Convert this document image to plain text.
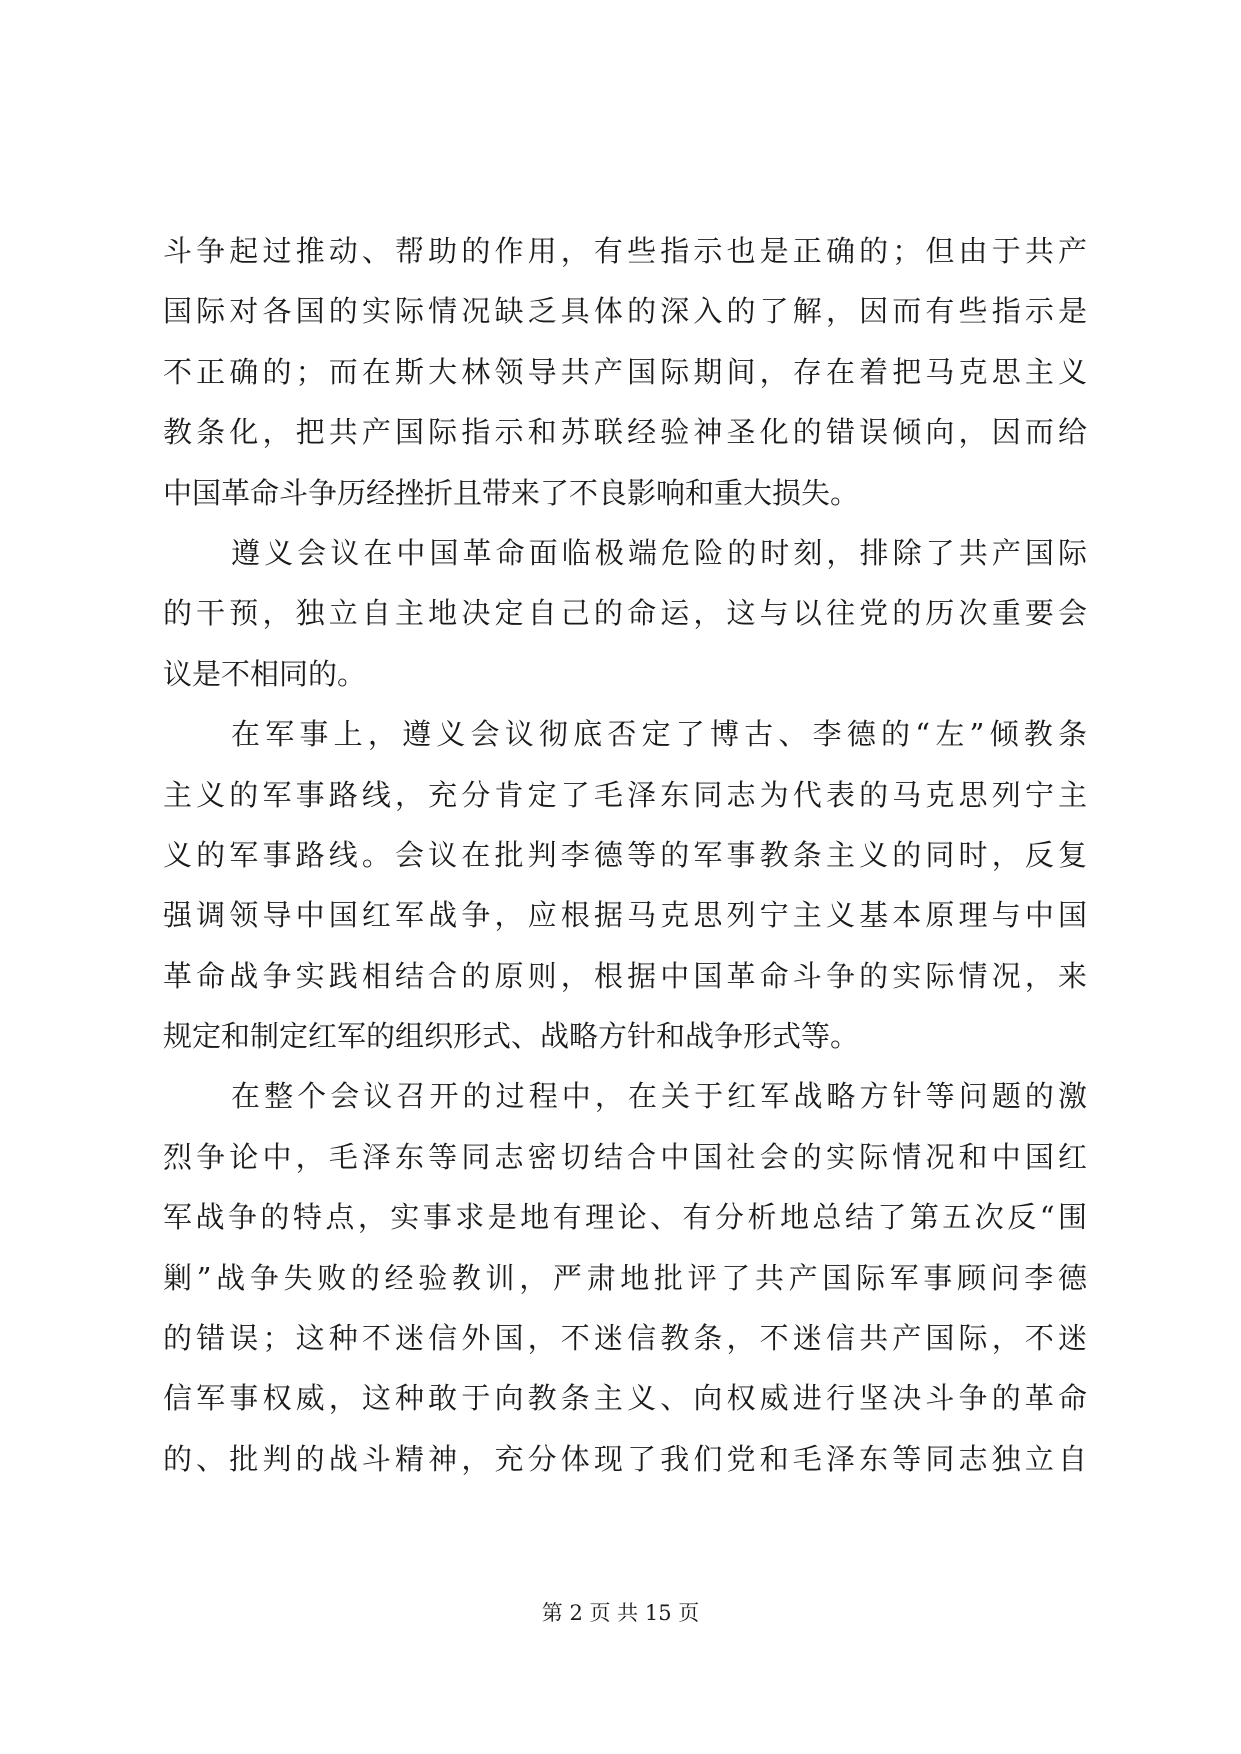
斗争起过推动、帮助的作用，有些指示也是正确的；但由于共产
国际对各国的实际情况缺乏具体的深入的了解，因而有些指示是
不正确的；而在斯大林领导共产国际期间，存在着把马克思主义
教条化，把共产国际指示和苏联经验神圣化的错误倾向，因而给
中国革命斗争历经挫折且带来了不良影响和重大损失。
遵义会议在中国革命面临极端危险的时刻，排除了共产国际
的干预，独立自主地决定自己的命运，这与以往党的历次重要会
议是不相同的。
在军事上，遵义会议彻底否定了博古、李德的“左”倾教条
主义的军事路线，充分肯定了毛泽东同志为代表的马克思列宁主
义的军事路线。会议在批判李德等的军事教条主义的同时，反复
强调领导中国红军战争，应根据马克思列宁主义基本原理与中国
革命战争实践相结合的原则，根据中国革命斗争的实际情况，来
规定和制定红军的组织形式、战略方针和战争形式等。
在整个会议召开的过程中，在关于红军战略方针等问题的激
烈争论中，毛泽东等同志密切结合中国社会的实际情况和中国红
军战争的特点，实事求是地有理论、有分析地总结了第五次反“围
剿”战争失败的经验教训，严肃地批评了共产国际军事顾问李德
的错误；这种不迷信外国，不迷信教条，不迷信共产国际，不迷
信军事权威，这种敢于向教条主义、向权威进行坚决斗争的革命
的、批判的战斗精神，充分体现了我们党和毛泽东等同志独立自
第 2 页 共 15 页
